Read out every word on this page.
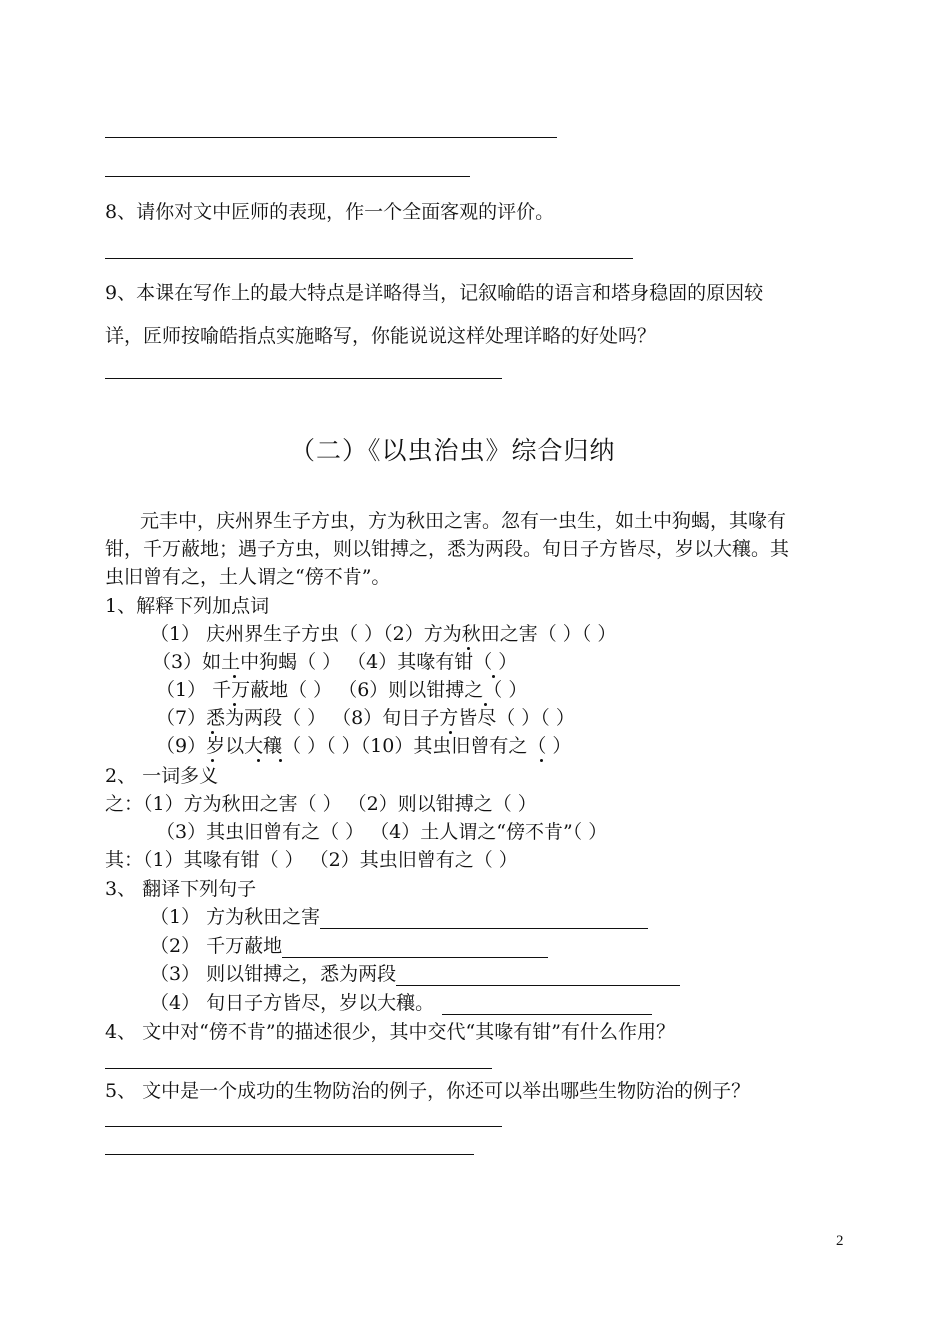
8、请你对文中匠师的表现，作一个全面客观的评价。
9、本课在写作上的最大特点是详略得当，记叙喻皓的语言和塔身稳固的原因较
详，匠师按喻皓指点实施略写，你能说说这样处理详略的好处吗？
（二）《以虫治虫》综合归纳
元丰中，庆州界生子方虫，方为秋田之害。忽有一虫生，如土中狗蝎，其喙有
钳，千万蔽地；遇子方虫，则以钳搏之，悉为两段。旬日子方皆尽，岁以大穰。其
虫旧曾有之，土人谓之“傍不肯”。
1、解释下列加点词
（1） 庆州界生子方虫（ ）（2）方为秋田之害（ ）（ ）
（3）如土中狗蝎（ ） （4）其喙有钳（ ）
（1） 千万蔽地（ ） （6）则以钳搏之（ ）
（7）悉为两段（ ） （8）旬日子方皆尽（ ）（ ）
（9）岁以大穰（ ）（ ）（10）其虫旧曾有之（ ）
2、 一词多义
之：（1）方为秋田之害（ ） （2）则以钳搏之（ ）
（3）其虫旧曾有之（ ） （4）土人谓之“傍不肯”（ ）
其：（1）其喙有钳（ ） （2）其虫旧曾有之（ ）
3、 翻译下列句子
（1） 方为秋田之害
（2） 千万蔽地
（3） 则以钳搏之，悉为两段
（4） 旬日子方皆尽，岁以大穰。
4、 文中对“傍不肯”的描述很少，其中交代“其喙有钳”有什么作用？
5、 文中是一个成功的生物防治的例子，你还可以举出哪些生物防治的例子？
2
